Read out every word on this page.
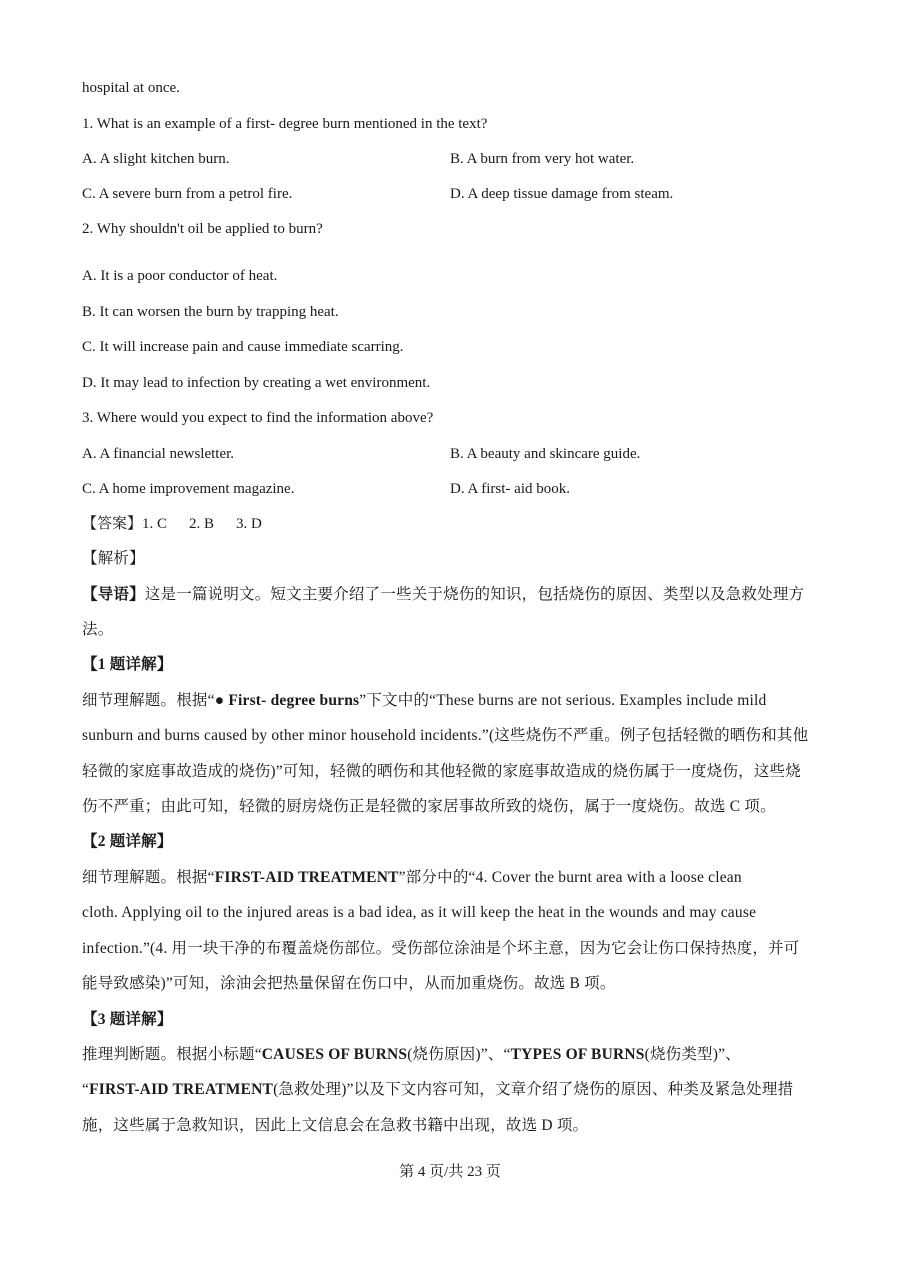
hospital at once.
1. What is an example of a first- degree burn mentioned in the text?
A. A slight kitchen burn.	B. A burn from very hot water.
C. A severe burn from a petrol fire.	D. A deep tissue damage from steam.
2. Why shouldn't oil be applied to burn?
A. It is a poor conductor of heat.
B. It can worsen the burn by trapping heat.
C. It will increase pain and cause immediate scarring.
D. It may lead to infection by creating a wet environment.
3. Where would you expect to find the information above?
A. A financial newsletter.	B. A beauty and skincare guide.
C. A home improvement magazine.	D. A first- aid book.
【答案】1. C 2. B 3. D
【解析】
【导语】这是一篇说明文。短文主要介绍了一些关于烧伤的知识，包括烧伤的原因、类型以及急救处理方
法。
【1 题详解】
细节理解题。根据“● First- degree burns”下文中的“These burns are not serious. Examples include mild
sunburn and burns caused by other minor household incidents.”(这些烧伤不严重。例子包括轻微的晒伤和其他
轻微的家庭事故造成的烧伤)”可知，轻微的晒伤和其他轻微的家庭事故造成的烧伤属于一度烧伤，这些烧
伤不严重；由此可知，轻微的厨房烧伤正是轻微的家居事故所致的烧伤，属于一度烧伤。故选 C 项。
【2 题详解】
细节理解题。根据“FIRST-AID TREATMENT”部分中的“4. Cover the burnt area with a loose clean
cloth. Applying oil to the injured areas is a bad idea, as it will keep the heat in the wounds and may cause
infection.”(4. 用一块干净的布覆盖烧伤部位。受伤部位涂油是个坏主意，因为它会让伤口保持热度，并可
能导致感染)”可知，涂油会把热量保留在伤口中，从而加重烧伤。故选 B 项。
【3 题详解】
推理判断题。根据小标题“CAUSES OF BURNS(烧伤原因)”、“TYPES OF BURNS(烧伤类型)”、
“FIRST-AID TREATMENT(急救处理)”以及下文内容可知，文章介绍了烧伤的原因、种类及紧急处理措
施，这些属于急救知识，因此上文信息会在急救书籍中出现，故选 D 项。
第 4 页/共 23 页
